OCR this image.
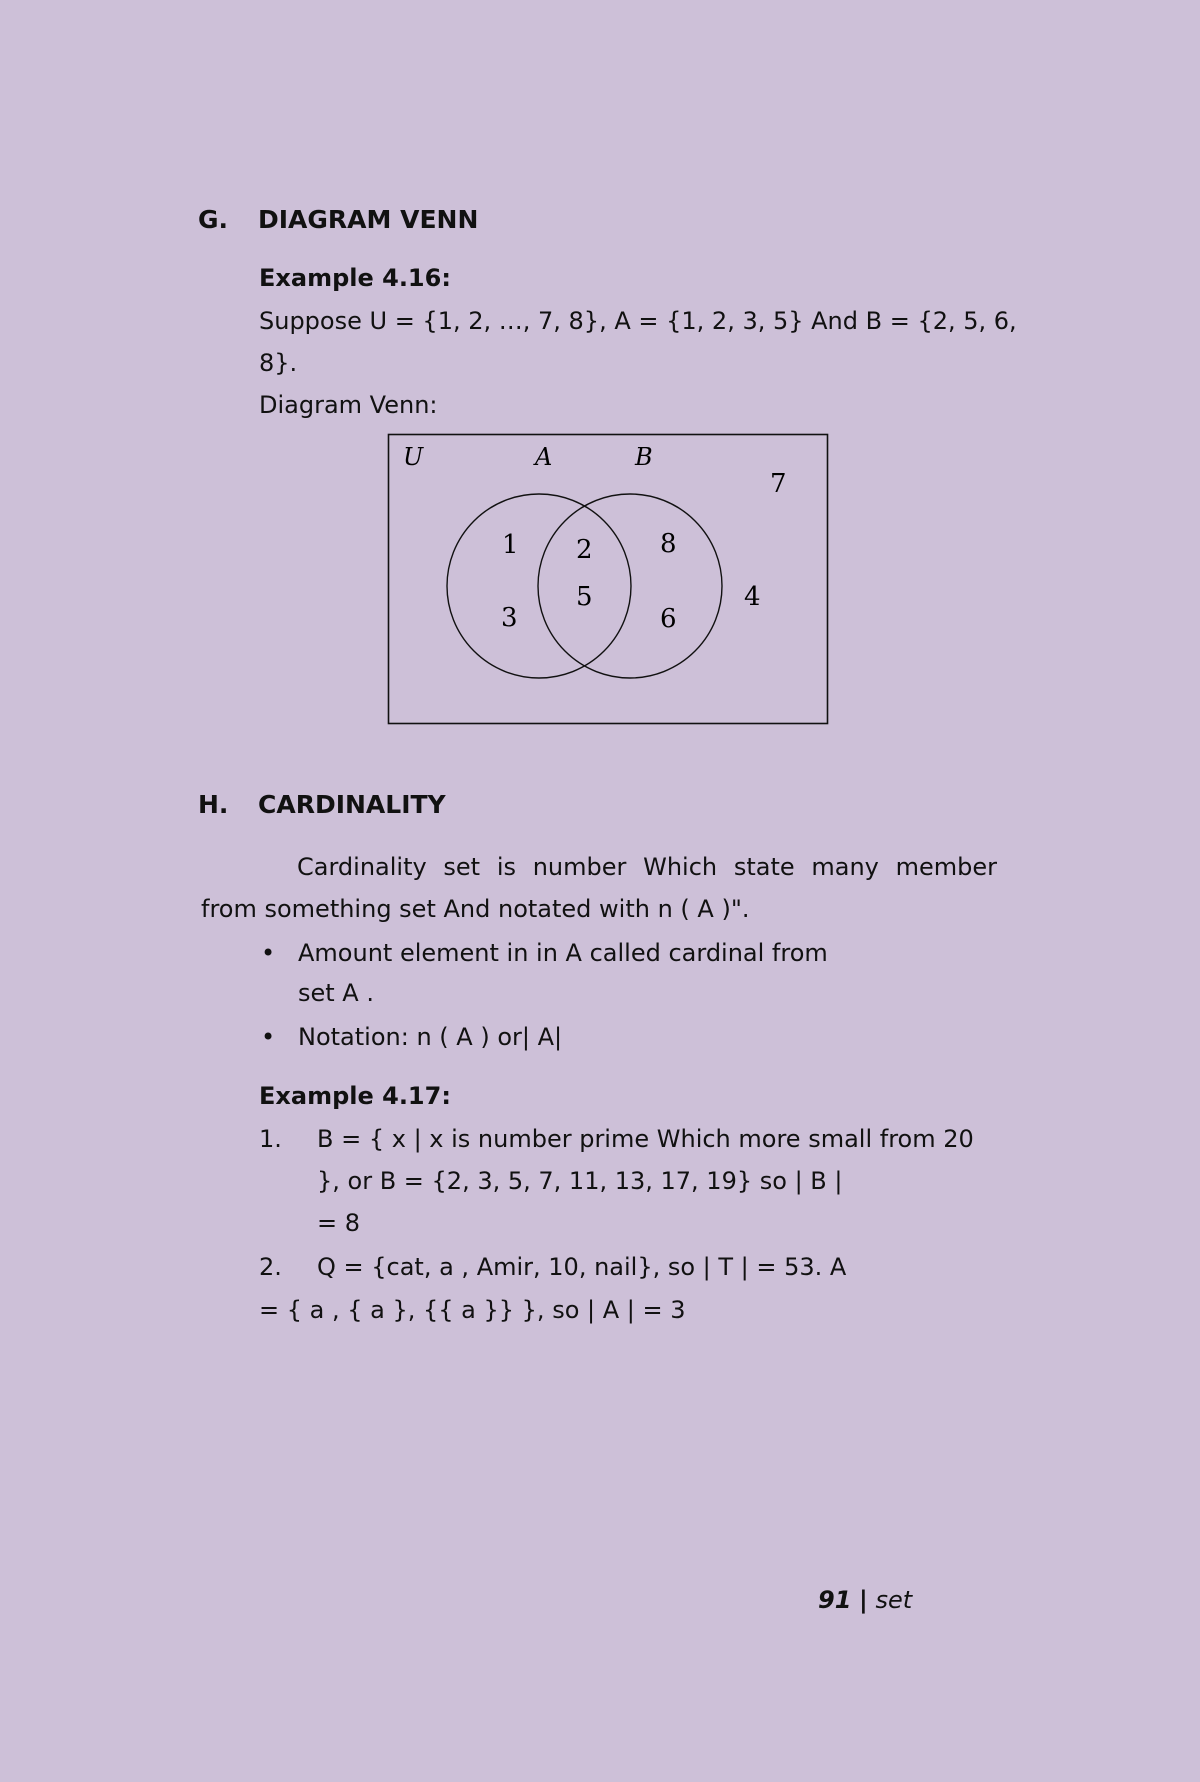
G. DIAGRAM VENN
Example 4.16:
Suppose U = {1, 2, …, 7, 8}, A = {1, 2, 3, 5} And B = {2, 5, 6,
8}.
Diagram Venn:
U	A	B
1
3
2
5
8
6
7
4
H. CARDINALITY
Cardinality set is number Which state many member
from something set And notated with n ( A )".
• Amount element in in A called cardinal from
set A .
• Notation: n ( A ) or| A|
Example 4.17:
1. B = { x | x is number prime Which more small from 20
}, or B = {2, 3, 5, 7, 11, 13, 17, 19} so | B |
= 8
2. Q = {cat, a , Amir, 10, nail}, so | T | = 53. A
= { a , { a }, {{ a }} }, so | A | = 3
91 | set
